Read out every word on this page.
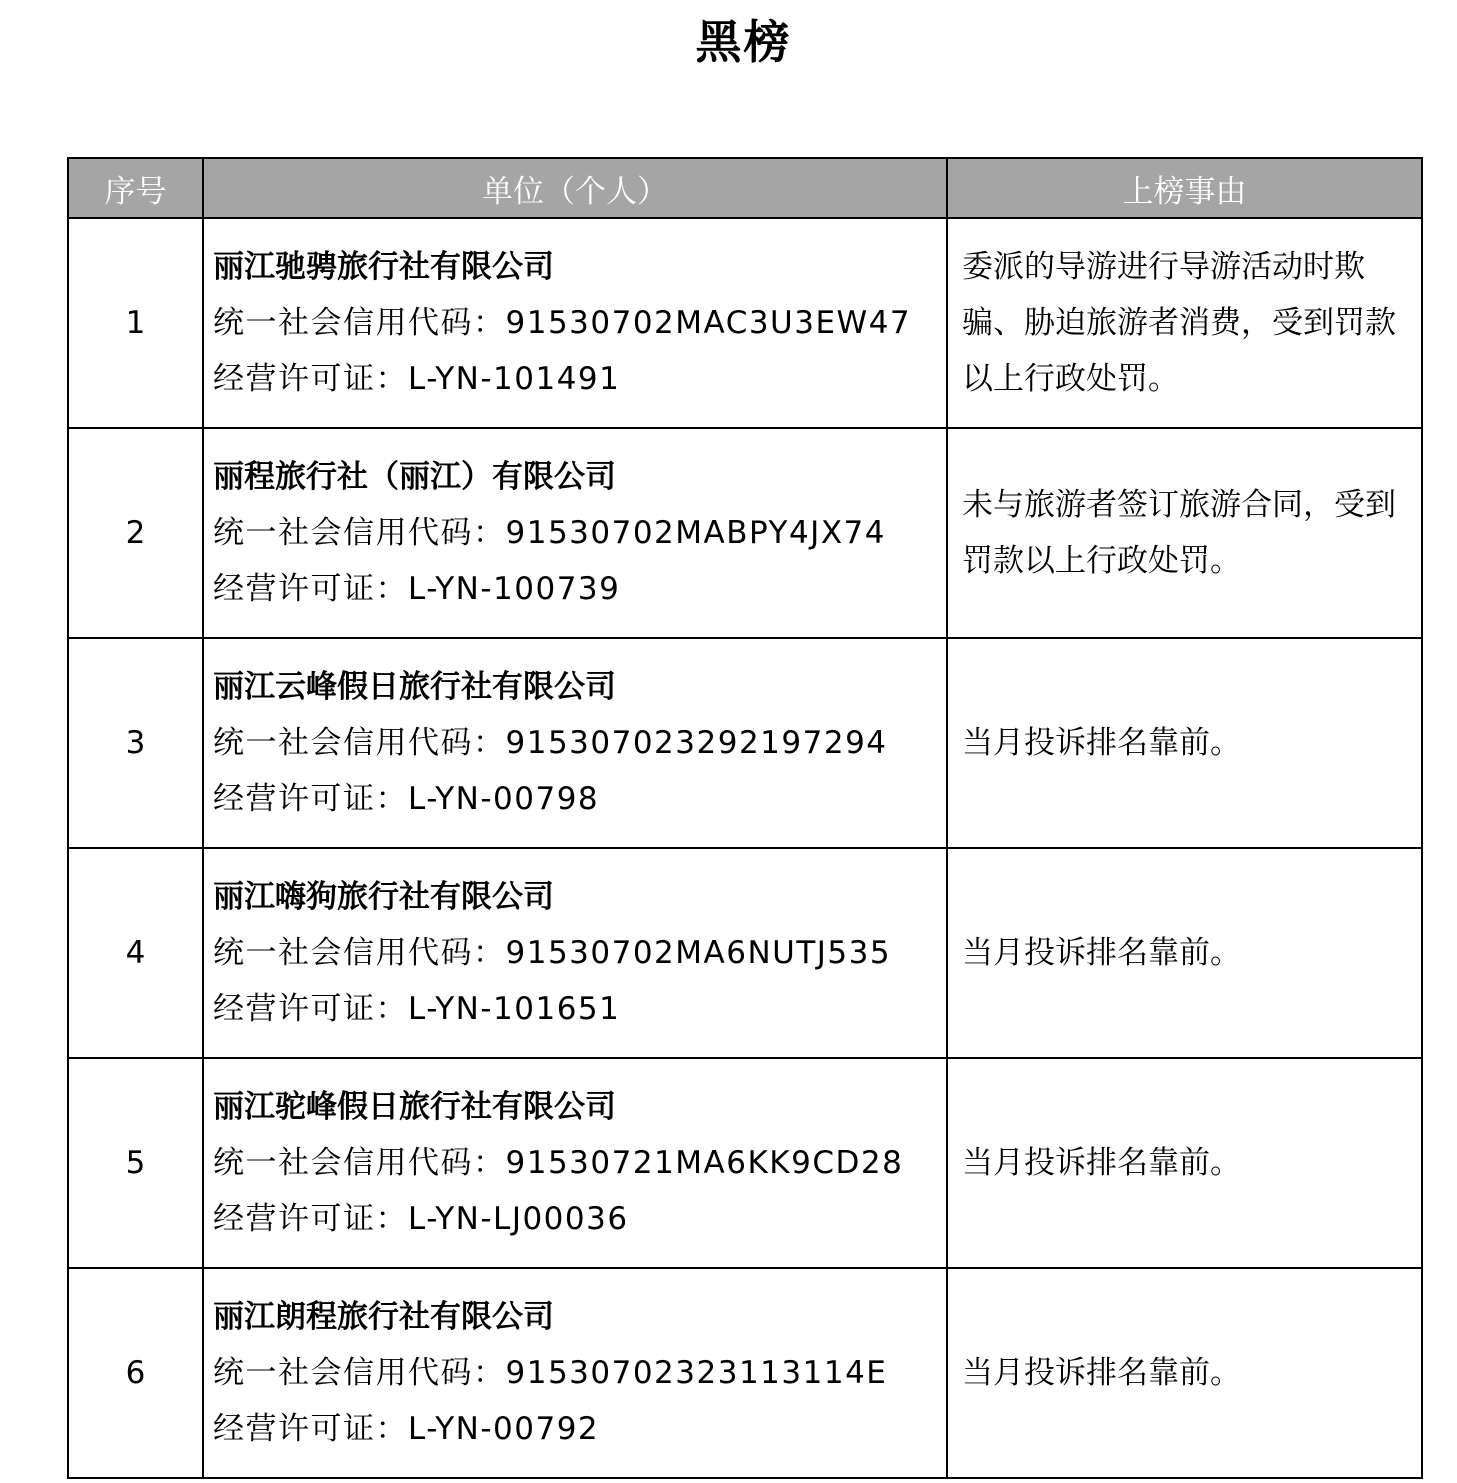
黑榜
序号	单位（个人）	上榜事由
1	丽江驰骋旅行社有限公司
统一社会信用代码：91530702MAC3U3EW47
经营许可证：L-YN-101491	委派的导游进行导游活动时欺骗、胁迫旅游者消费，受到罚款以上行政处罚。
2	丽程旅行社（丽江）有限公司
统一社会信用代码：91530702MABPY4JX74
经营许可证：L-YN-100739	未与旅游者签订旅游合同，受到罚款以上行政处罚。
3	丽江云峰假日旅行社有限公司
统一社会信用代码：915307023292197294
经营许可证：L-YN-00798	当月投诉排名靠前。
4	丽江嗨狗旅行社有限公司
统一社会信用代码：91530702MA6NUTJ535
经营许可证：L-YN-101651	当月投诉排名靠前。
5	丽江驼峰假日旅行社有限公司
统一社会信用代码：91530721MA6KK9CD28
经营许可证：L-YN-LJ00036	当月投诉排名靠前。
6	丽江朗程旅行社有限公司
统一社会信用代码：915307023231131​14E
经营许可证：L-YN-00792	当月投诉排名靠前。
